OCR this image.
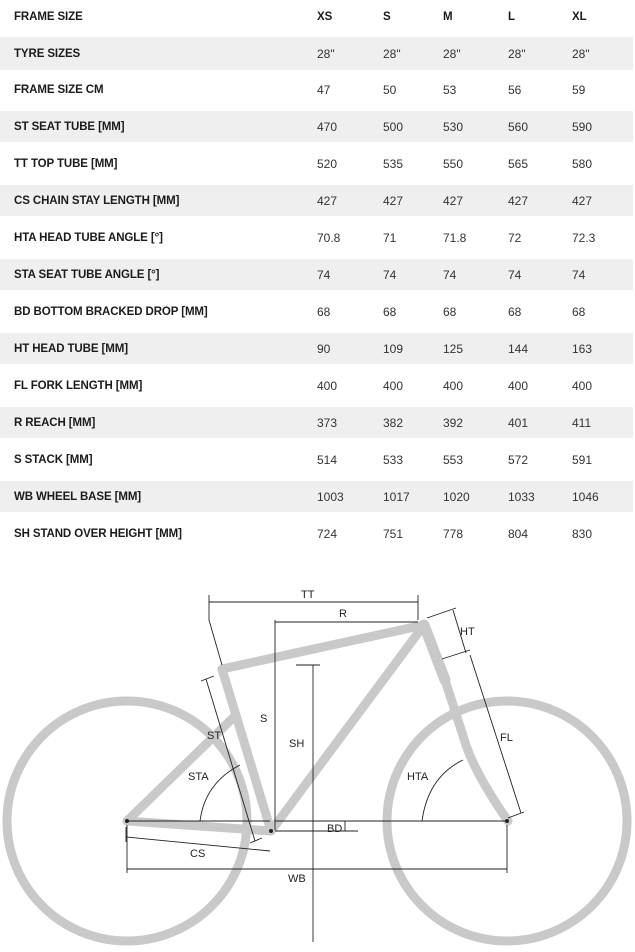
FRAME SIZE	XS	S	M	L	XL
TYRE SIZES	28"	28"	28"	28"	28"
FRAME SIZE CM	47	50	53	56	59
ST SEAT TUBE [MM]	470	500	530	560	590
TT TOP TUBE [MM]	520	535	550	565	580
CS CHAIN STAY LENGTH [MM]	427	427	427	427	427
HTA HEAD TUBE ANGLE [°]	70.8	71	71.8	72	72.3
STA SEAT TUBE ANGLE [°]	74	74	74	74	74
BD BOTTOM BRACKED DROP [MM]	68	68	68	68	68
HT HEAD TUBE [MM]	90	109	125	144	163
FL FORK LENGTH [MM]	400	400	400	400	400
R REACH [MM]	373	382	392	401	411
S STACK [MM]	514	533	553	572	591
WB WHEEL BASE [MM]	1003	1017	1020	1033	1046
SH STAND OVER HEIGHT [MM]	724	751	778	804	830
TT
R
HT
S
SH
ST
STA	HTA
FL
BD
CS
WB
